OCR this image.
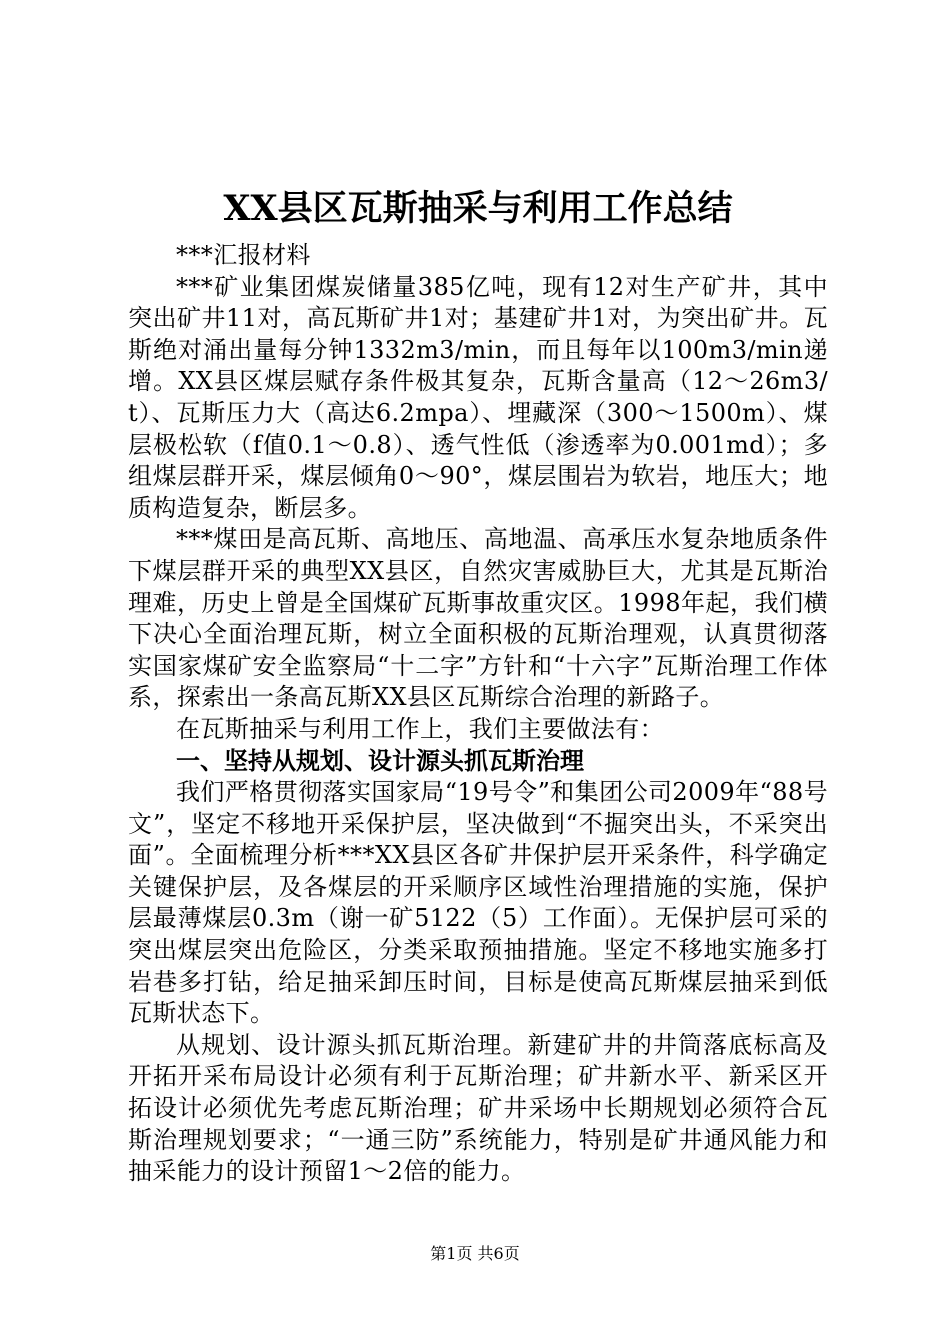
XX县区瓦斯抽采与利用工作总结

***汇报材料

***矿业集团煤炭储量385亿吨，现有12对生产矿井，其中突出矿井11对，高瓦斯矿井1对；基建矿井1对，为突出矿井。瓦斯绝对涌出量每分钟1332m3/min，而且每年以100m3/min递增。XX县区煤层赋存条件极其复杂，瓦斯含量高（12～26m3/t）、瓦斯压力大（高达6.2mpa）、埋藏深（300～1500m）、煤层极松软（f值0.1～0.8）、透气性低（渗透率为0.001md）；多组煤层群开采，煤层倾角0～90°，煤层围岩为软岩，地压大；地质构造复杂，断层多。

***煤田是高瓦斯、高地压、高地温、高承压水复杂地质条件下煤层群开采的典型XX县区，自然灾害威胁巨大，尤其是瓦斯治理难，历史上曾是全国煤矿瓦斯事故重灾区。1998年起，我们横下决心全面治理瓦斯，树立全面积极的瓦斯治理观，认真贯彻落实国家煤矿安全监察局“十二字”方针和“十六字”瓦斯治理工作体系，探索出一条高瓦斯XX县区瓦斯综合治理的新路子。

在瓦斯抽采与利用工作上，我们主要做法有：

一、坚持从规划、设计源头抓瓦斯治理

我们严格贯彻落实国家局“19号令”和集团公司2009年“88号文”，坚定不移地开采保护层，坚决做到“不掘突出头，不采突出面”。全面梳理分析***XX县区各矿井保护层开采条件，科学确定关键保护层，及各煤层的开采顺序区域性治理措施的实施，保护层最薄煤层0.3m（谢一矿5122（5）工作面）。无保护层可采的突出煤层突出危险区，分类采取预抽措施。坚定不移地实施多打岩巷多打钻，给足抽采卸压时间，目标是使高瓦斯煤层抽采到低瓦斯状态下。

从规划、设计源头抓瓦斯治理。新建矿井的井筒落底标高及开拓开采布局设计必须有利于瓦斯治理；矿井新水平、新采区开拓设计必须优先考虑瓦斯治理；矿井采场中长期规划必须符合瓦斯治理规划要求；“一通三防”系统能力，特别是矿井通风能力和抽采能力的设计预留1～2倍的能力。

第1页 共6页
